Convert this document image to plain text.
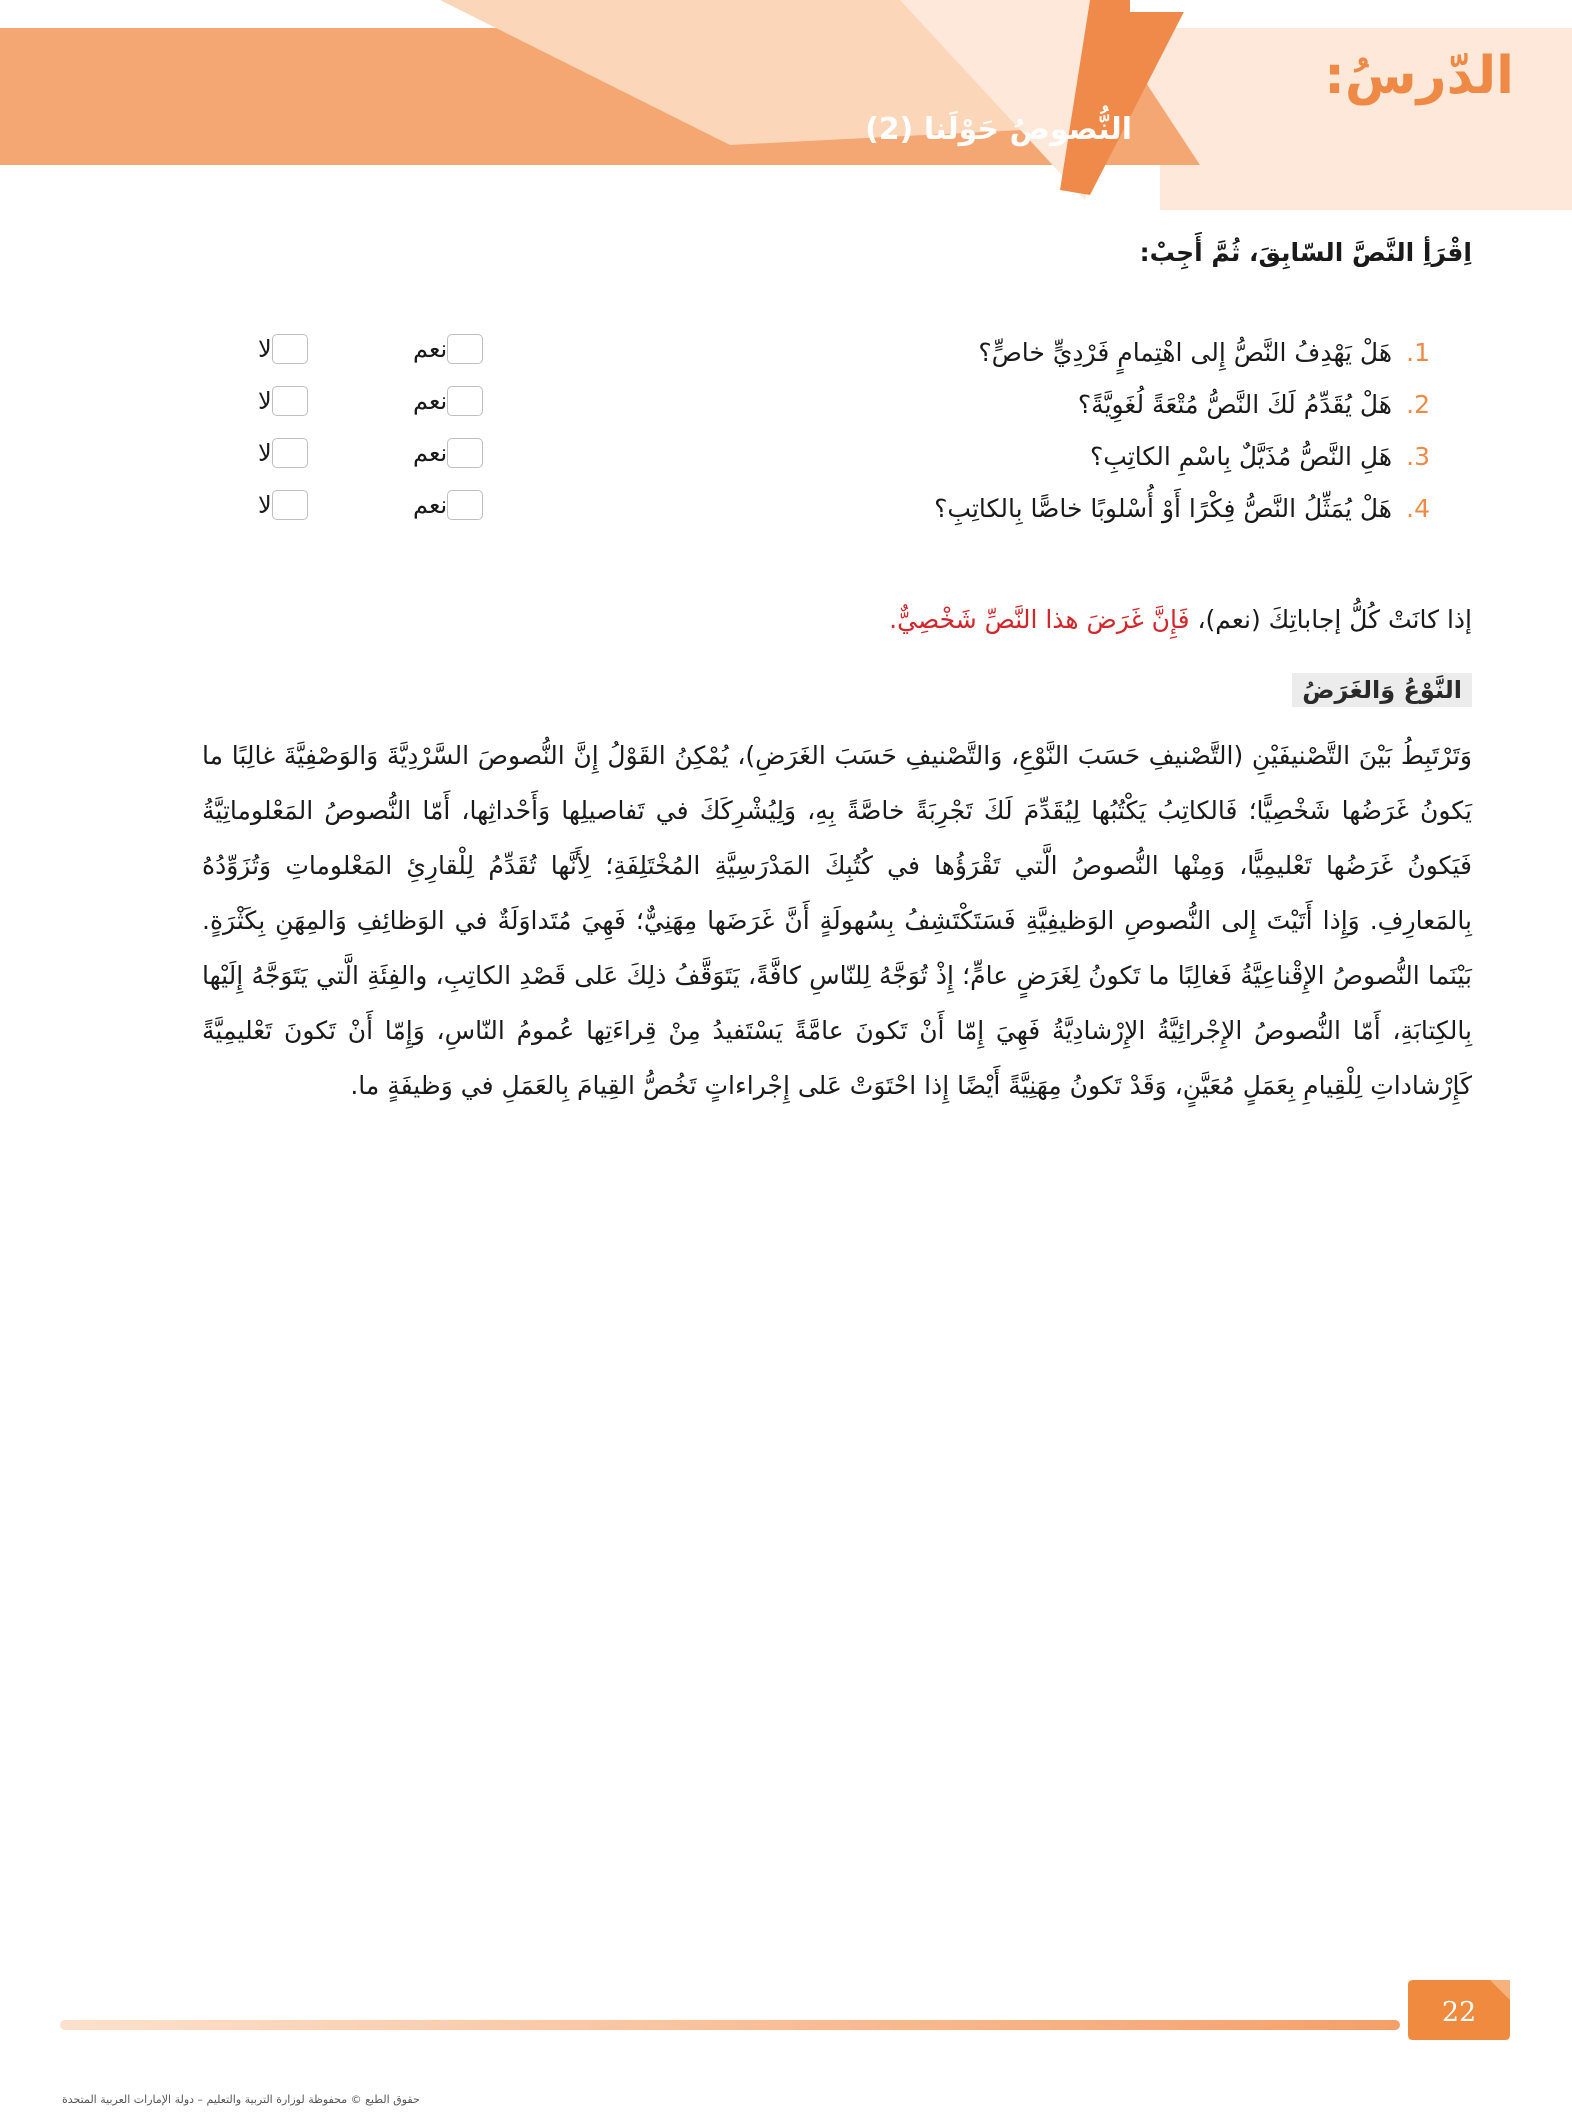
الدّرسُ:
النُّصوصُ حَوْلَنا (2)

اِقْرَأِ النَّصَّ السّابِقَ، ثُمَّ أَجِبْ:

1.
هَلْ يَهْدِفُ النَّصُّ إِلى اهْتِمامٍ فَرْدِيٍّ خاصٍّ؟
نعم
لا
2.
هَلْ يُقَدِّمُ لَكَ النَّصُّ مُتْعَةً لُغَوِيَّةً؟
نعم
لا
3.
هَلِ النَّصُّ مُذَيَّلٌ بِاسْمِ الكاتِبِ؟
نعم
لا
4.
هَلْ يُمَثِّلُ النَّصُّ فِكْرًا أَوْ أُسْلوبًا خاصًّا بِالكاتِبِ؟
نعم
لا

إذا كانَتْ كُلُّ إجاباتِكَ (نعم)، فَإِنَّ غَرَضَ هذا النَّصِّ شَخْصِيٌّ.

النَّوْعُ وَالغَرَضُ

وَتَرْتَبِطُ بَيْنَ التَّصْنيفَيْنِ (التَّصْنيفِ حَسَبَ النَّوْعِ، وَالتَّصْنيفِ حَسَبَ الغَرَضِ)، يُمْكِنُ القَوْلُ إِنَّ النُّصوصَ السَّرْدِيَّةَ وَالوَصْفِيَّةَ غالِبًا ما يَكونُ غَرَضُها شَخْصِيًّا؛ فَالكاتِبُ يَكْتُبُها لِيُقَدِّمَ لَكَ تَجْرِبَةً خاصَّةً بِهِ، وَلِيُشْرِكَكَ في تَفاصيلِها وَأَحْداثِها، أَمّا النُّصوصُ المَعْلوماتِيَّةُ فَيَكونُ غَرَضُها تَعْليمِيًّا، وَمِنْها النُّصوصُ الَّتي تَقْرَؤُها في كُتُبِكَ المَدْرَسِيَّةِ المُخْتَلِفَةِ؛ لِأَنَّها تُقَدِّمُ لِلْقارِئِ المَعْلوماتِ وَتُزَوِّدُهُ بِالمَعارِفِ. وَإِذا أَتَيْتَ إِلى النُّصوصِ الوَظيفِيَّةِ فَسَتَكْتَشِفُ بِسُهولَةٍ أَنَّ غَرَضَها مِهَنِيٌّ؛ فَهِيَ مُتَداوَلَةٌ في الوَظائِفِ وَالمِهَنِ بِكَثْرَةٍ. بَيْنَما النُّصوصُ الإِقْناعِيَّةُ فَغالِبًا ما تَكونُ لِغَرَضٍ عامٍّ؛ إِذْ تُوَجَّهُ لِلنّاسِ كافَّةً، يَتَوَقَّفُ ذلِكَ عَلى قَصْدِ الكاتِبِ، والفِئَةِ الَّتي يَتَوَجَّهُ إِلَيْها بِالكِتابَةِ، أَمّا النُّصوصُ الإِجْرائِيَّةُ الإِرْشادِيَّةُ فَهِيَ إِمّا أَنْ تَكونَ عامَّةً يَسْتَفيدُ مِنْ قِراءَتِها عُمومُ النّاسِ، وَإِمّا أَنْ تَكونَ تَعْليمِيَّةً كَإِرْشاداتِ لِلْقِيامِ بِعَمَلٍ مُعَيَّنٍ، وَقَدْ تَكونُ مِهَنِيَّةً أَيْضًا إِذا احْتَوَتْ عَلى إِجْراءاتٍ تَخُصُّ القِيامَ بِالعَمَلِ في وَظيفَةٍ ما.

22

حقوق الطبع © محفوظة لوزارة التربية والتعليم – دولة الإمارات العربية المتحدة
